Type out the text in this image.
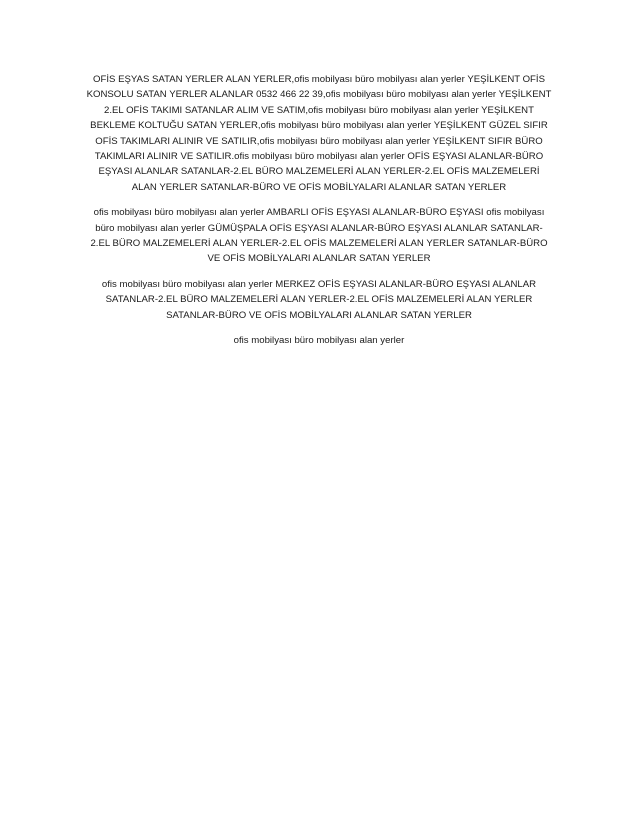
OFİS EŞYAS SATAN YERLER ALAN YERLER,ofis mobilyası büro mobilyası alan yerler YEŞİLKENT OFİS KONSOLU SATAN YERLER ALANLAR 0532 466 22 39,ofis mobilyası büro mobilyası alan yerler YEŞİLKENT 2.EL OFİS TAKIMI SATANLAR ALIM VE SATIM,ofis mobilyası büro mobilyası alan yerler YEŞİLKENT BEKLEME KOLTUĞU SATAN YERLER,ofis mobilyası büro mobilyası alan yerler YEŞİLKENT GÜZEL SIFIR OFİS TAKIMLARI ALINIR VE SATILIR,ofis mobilyası büro mobilyası alan yerler YEŞİLKENT SIFIR BÜRO TAKIMLARI ALINIR VE SATILIR.ofis mobilyası büro mobilyası alan yerler OFİS EŞYASI ALANLAR-BÜRO EŞYASI ALANLAR SATANLAR-2.EL BÜRO MALZEMELERİ ALAN YERLER-2.EL OFİS MALZEMELERİ ALAN YERLER SATANLAR-BÜRO VE OFİS MOBİLYALARI ALANLAR SATAN YERLER

ofis mobilyası büro mobilyası alan yerler AMBARLI OFİS EŞYASI ALANLAR-BÜRO EŞYASI ofis mobilyası büro mobilyası alan yerler GÜMÜŞPALA OFİS EŞYASI ALANLAR-BÜRO EŞYASI ALANLAR SATANLAR-2.EL BÜRO MALZEMELERİ ALAN YERLER-2.EL OFİS MALZEMELERİ ALAN YERLER SATANLAR-BÜRO VE OFİS MOBİLYALARI ALANLAR SATAN YERLER

ofis mobilyası büro mobilyası alan yerler MERKEZ OFİS EŞYASI ALANLAR-BÜRO EŞYASI ALANLAR SATANLAR-2.EL BÜRO MALZEMELERİ ALAN YERLER-2.EL OFİS MALZEMELERİ ALAN YERLER SATANLAR-BÜRO VE OFİS MOBİLYALARI ALANLAR SATAN YERLER

ofis mobilyası büro mobilyası alan yerler
